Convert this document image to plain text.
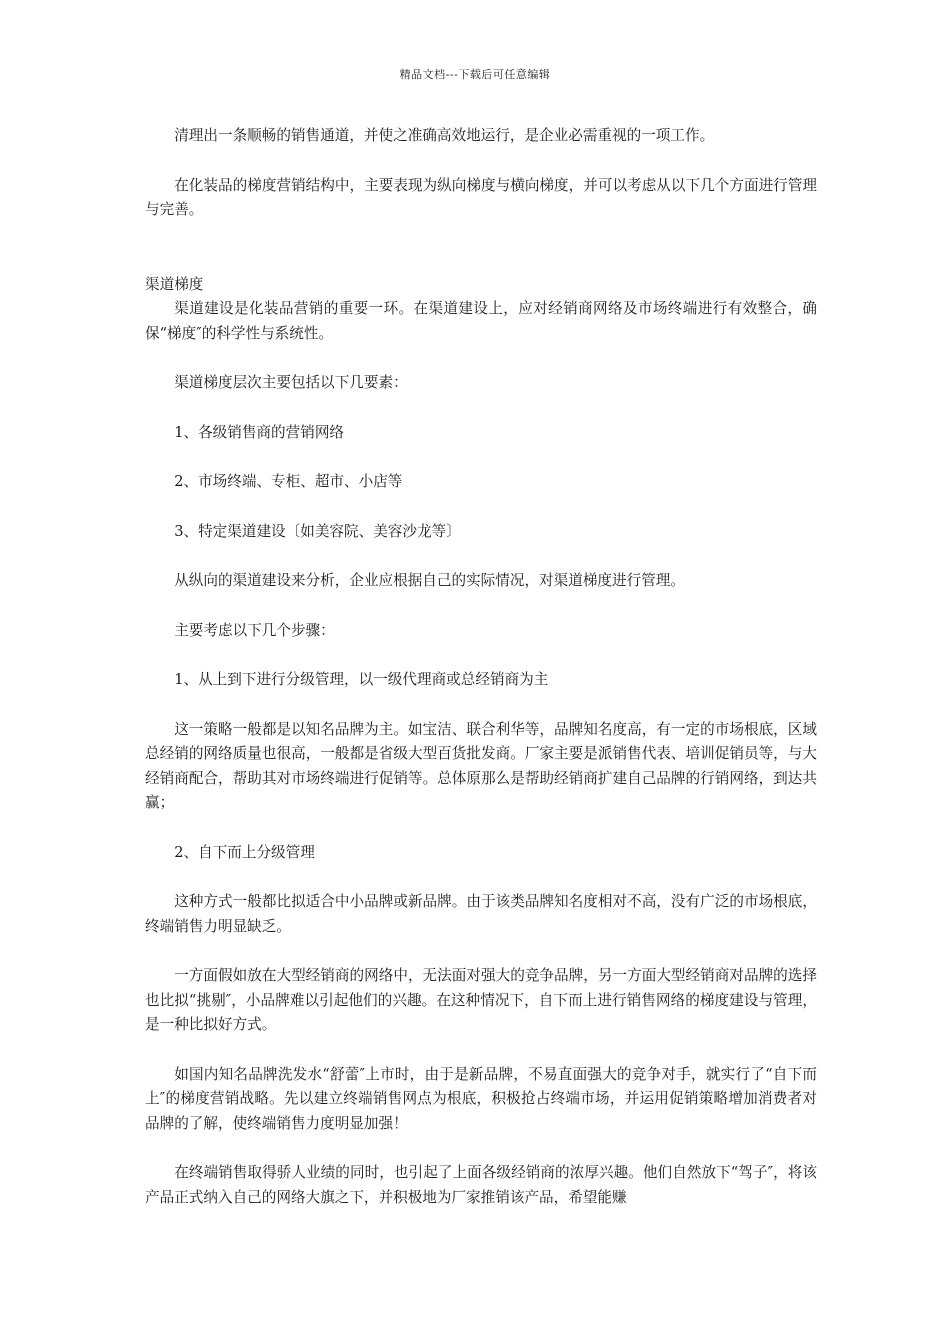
精品文档---下载后可任意编辑

清理出一条顺畅的销售通道，并使之准确高效地运行，是企业必需重视的一项工作。

在化装品的梯度营销结构中，主要表现为纵向梯度与横向梯度，并可以考虑从以下几个方面进行管理与完善。

渠道梯度

渠道建设是化装品营销的重要一环。在渠道建设上，应对经销商网络及市场终端进行有效整合，确保“梯度″的科学性与系统性。

渠道梯度层次主要包括以下几要素：

1、各级销售商的营销网络

2、市场终端、专柜、超市、小店等

3、特定渠道建设〔如美容院、美容沙龙等〕

从纵向的渠道建设来分析，企业应根据自己的实际情况，对渠道梯度进行管理。

主要考虑以下几个步骤：

1、从上到下进行分级管理，以一级代理商或总经销商为主

这一策略一般都是以知名品牌为主。如宝洁、联合利华等，品牌知名度高，有一定的市场根底，区域总经销的网络质量也很高，一般都是省级大型百货批发商。厂家主要是派销售代表、培训促销员等，与大经销商配合，帮助其对市场终端进行促销等。总体原那么是帮助经销商扩建自己品牌的行销网络，到达共赢；

2、自下而上分级管理

这种方式一般都比拟适合中小品牌或新品牌。由于该类品牌知名度相对不高，没有广泛的市场根底，终端销售力明显缺乏。

一方面假如放在大型经销商的网络中，无法面对强大的竞争品牌，另一方面大型经销商对品牌的选择也比拟“挑剔″，小品牌难以引起他们的兴趣。在这种情况下，自下而上进行销售网络的梯度建设与管理，是一种比拟好方式。

如国内知名品牌洗发水“舒蕾″上市时，由于是新品牌，不易直面强大的竞争对手，就实行了“自下而上″的梯度营销战略。先以建立终端销售网点为根底，积极抢占终端市场，并运用促销策略增加消费者对品牌的了解，使终端销售力度明显加强！

在终端销售取得骄人业绩的同时，也引起了上面各级经销商的浓厚兴趣。他们自然放下“驾子″，将该产品正式纳入自己的网络大旗之下，并积极地为厂家推销该产品，希望能赚
